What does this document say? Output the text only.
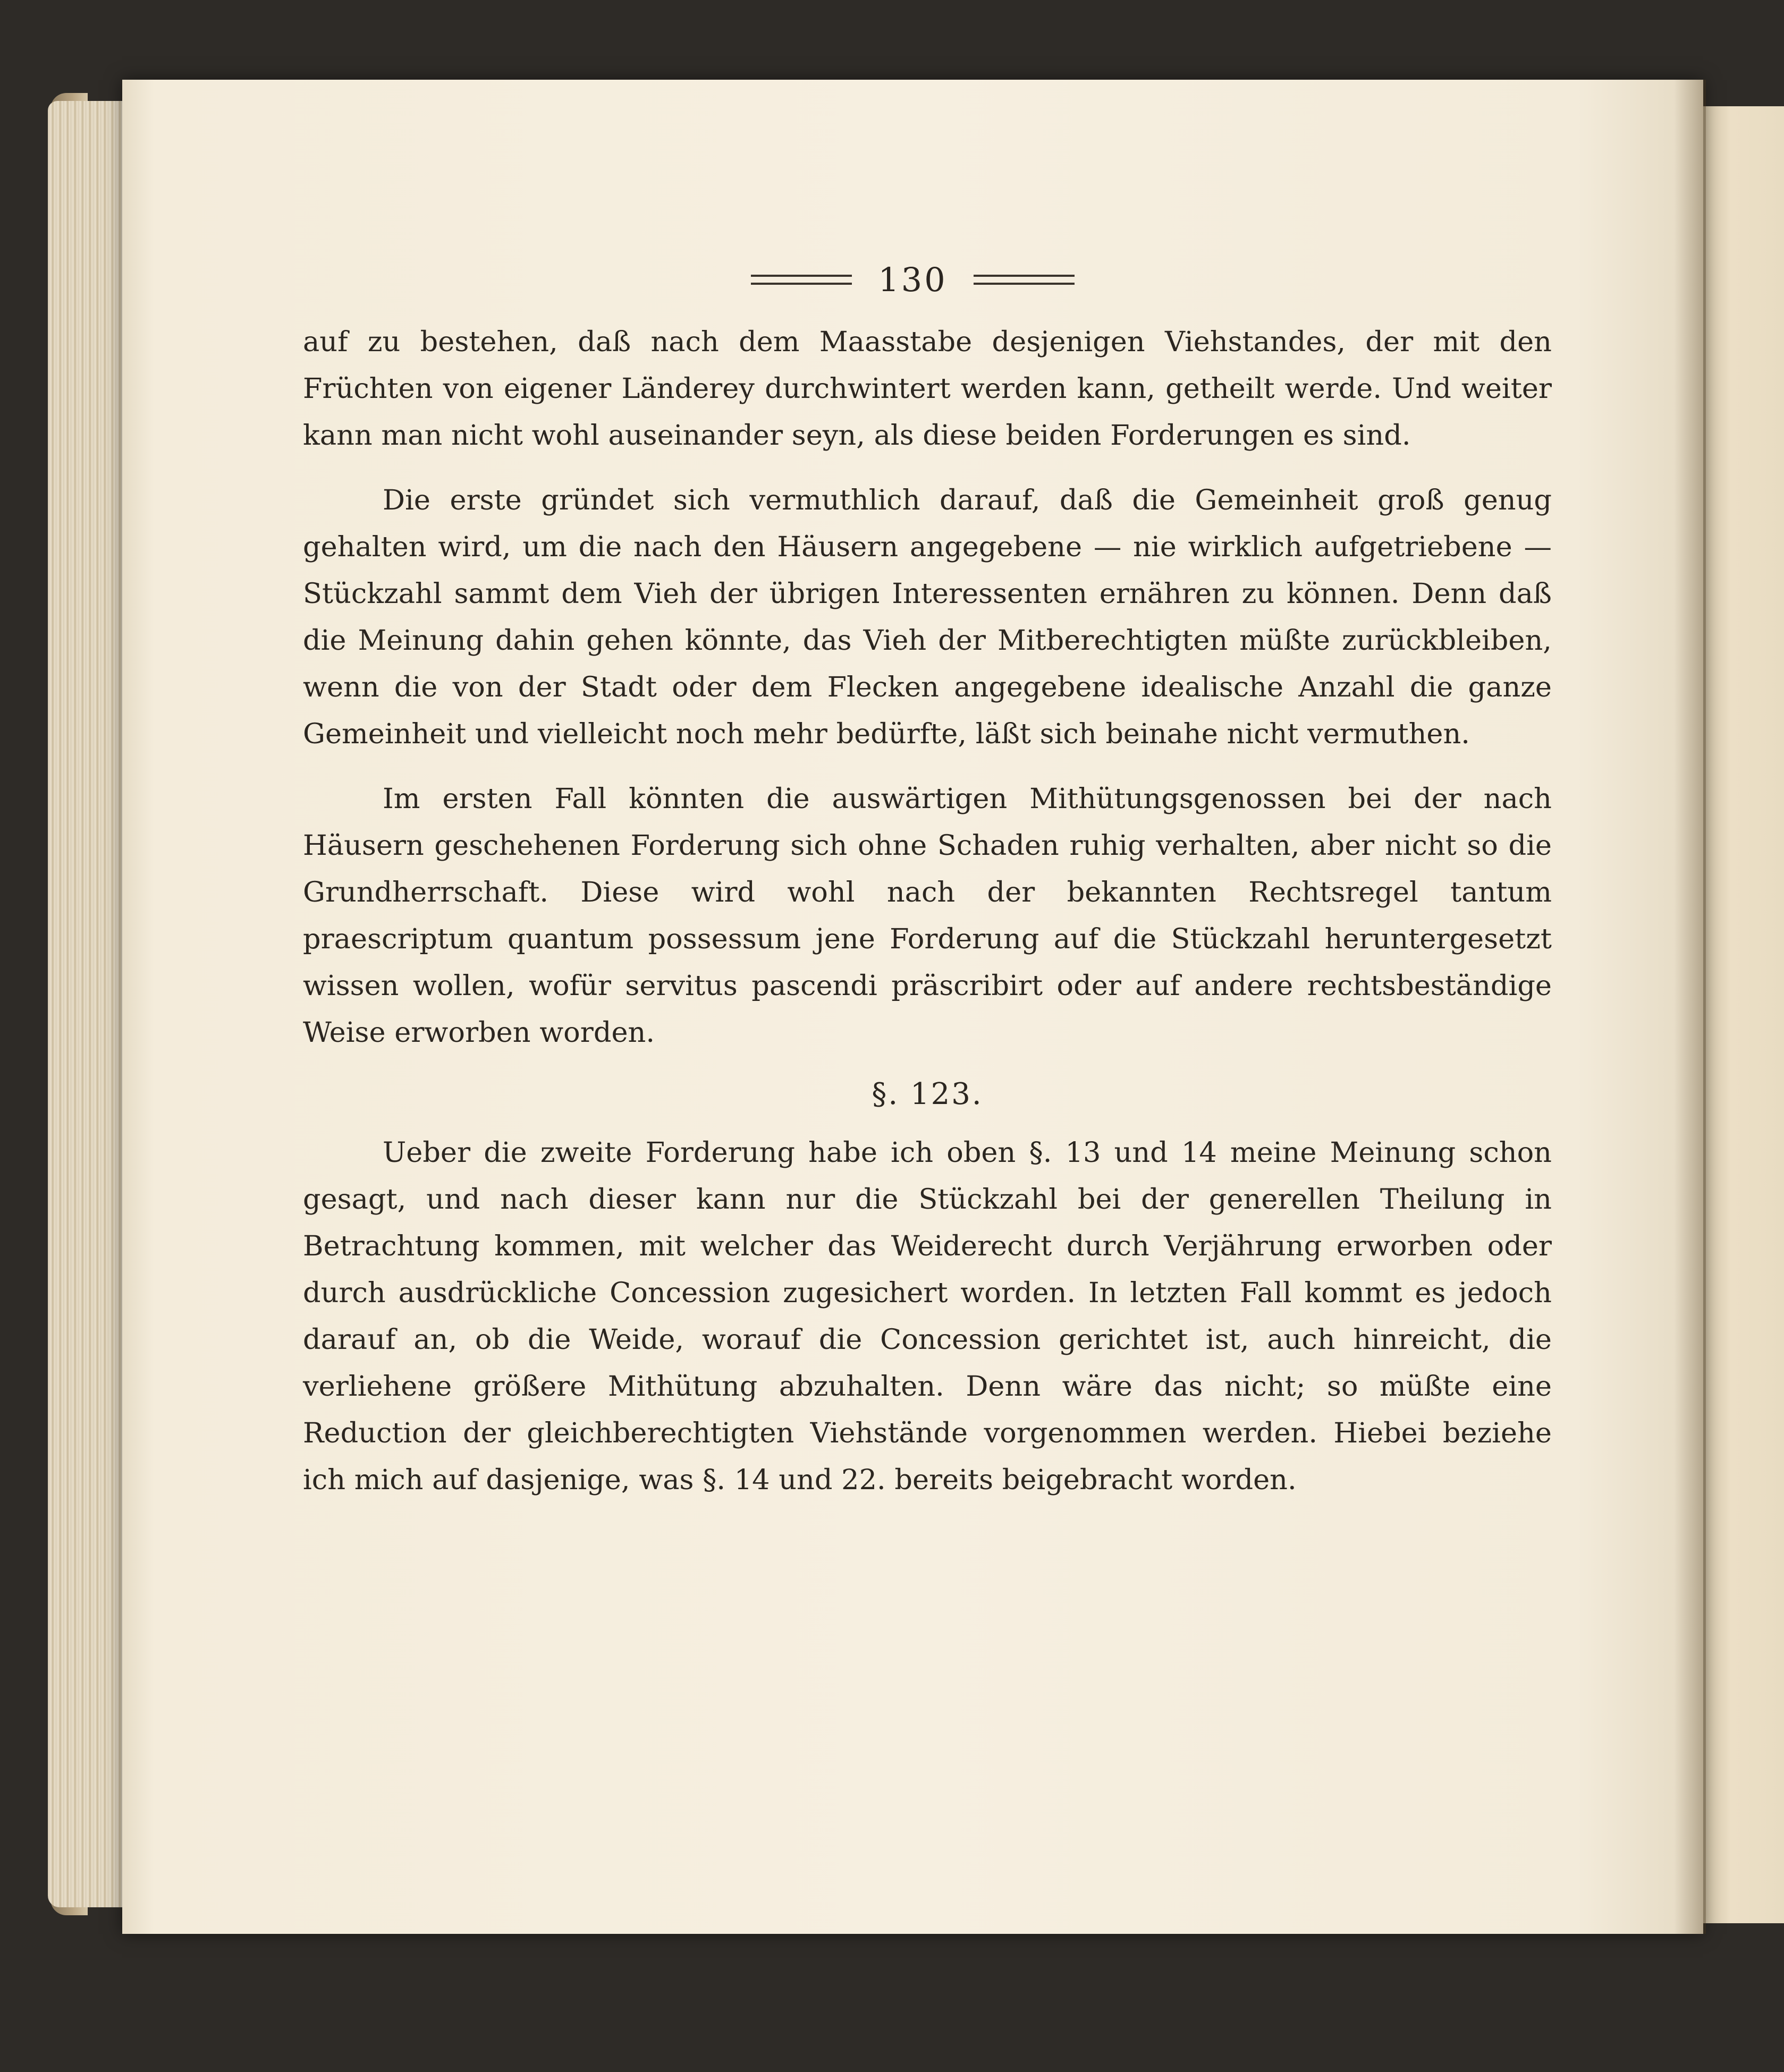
130

auf zu bestehen, daß nach dem Maasstabe desjenigen Viehstandes, der mit den Früchten von eigener Länderey durchwintert werden kann, getheilt werde. Und weiter kann man nicht wohl auseinander seyn, als diese beiden Forderungen es sind.

Die erste gründet sich vermuthlich darauf, daß die Gemeinheit groß genug gehalten wird, um die nach den Häusern angegebene — nie wirklich aufgetriebene — Stückzahl sammt dem Vieh der übrigen Interessenten ernähren zu können. Denn daß die Meinung dahin gehen könnte, das Vieh der Mitberechtigten müßte zurückbleiben, wenn die von der Stadt oder dem Flecken angegebene idealische Anzahl die ganze Gemeinheit und vielleicht noch mehr bedürfte, läßt sich beinahe nicht vermuthen.

Im ersten Fall könnten die auswärtigen Mithütungsgenossen bei der nach Häusern geschehenen Forderung sich ohne Schaden ruhig verhalten, aber nicht so die Grundherrschaft. Diese wird wohl nach der bekannten Rechtsregel tantum praescriptum quantum possessum jene Forderung auf die Stückzahl heruntergesetzt wissen wollen, wofür servitus pascendi präscribirt oder auf andere rechtsbeständige Weise erworben worden.

§. 123.

Ueber die zweite Forderung habe ich oben §. 13 und 14 meine Meinung schon gesagt, und nach dieser kann nur die Stückzahl bei der generellen Theilung in Betrachtung kommen, mit welcher das Weiderecht durch Verjährung erworben oder durch ausdrückliche Concession zugesichert worden. In letzten Fall kommt es jedoch darauf an, ob die Weide, worauf die Concession gerichtet ist, auch hinreicht, die verliehene größere Mithütung abzuhalten. Denn wäre das nicht; so müßte eine Reduction der gleichberechtigten Viehstände vorgenommen werden. Hiebei beziehe ich mich auf dasjenige, was §. 14 und 22. bereits beigebracht worden.
